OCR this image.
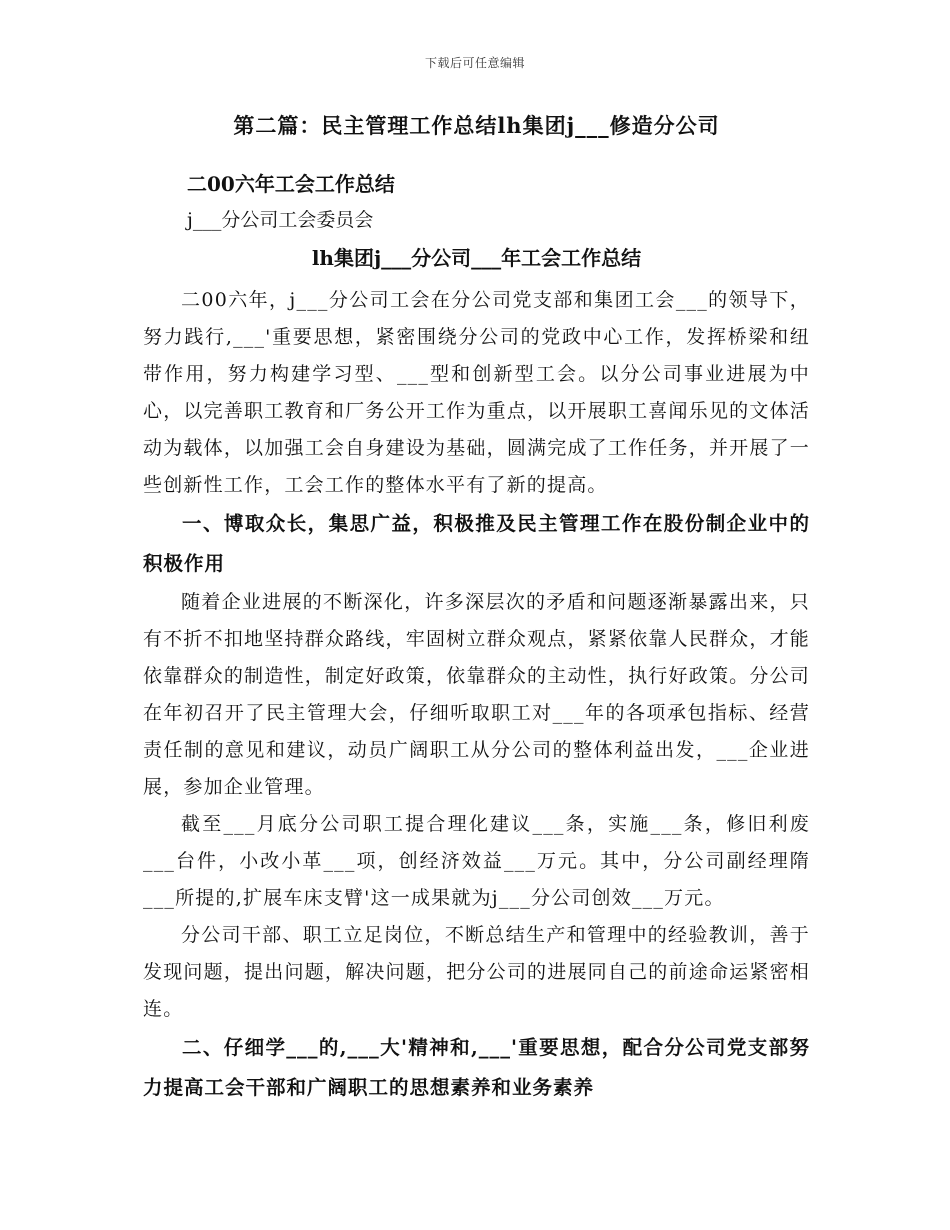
下载后可任意编辑
第二篇：民主管理工作总结lh集团j___修造分公司

二00六年工会工作总结

j___分公司工会委员会

lh集团j___分公司___年工会工作总结

二00六年，j___分公司工会在分公司党支部和集团工会___的领导下，努力践行,___'重要思想，紧密围绕分公司的党政中心工作，发挥桥梁和纽带作用，努力构建学习型、___型和创新型工会。以分公司事业进展为中心，以完善职工教育和厂务公开工作为重点，以开展职工喜闻乐见的文体活动为载体，以加强工会自身建设为基础，圆满完成了工作任务，并开展了一些创新性工作，工会工作的整体水平有了新的提高。

一、博取众长，集思广益，积极推及民主管理工作在股份制企业中的积极作用

随着企业进展的不断深化，许多深层次的矛盾和问题逐渐暴露出来，只有不折不扣地坚持群众路线，牢固树立群众观点，紧紧依靠人民群众，才能依靠群众的制造性，制定好政策，依靠群众的主动性，执行好政策。分公司在年初召开了民主管理大会，仔细听取职工对___年的各项承包指标、经营责任制的意见和建议，动员广阔职工从分公司的整体利益出发，___企业进展，参加企业管理。

截至___月底分公司职工提合理化建议___条，实施___条，修旧利废___台件，小改小革___项，创经济效益___万元。其中，分公司副经理隋___所提的,扩展车床支臂'这一成果就为j___分公司创效___万元。

分公司干部、职工立足岗位，不断总结生产和管理中的经验教训，善于发现问题，提出问题，解决问题，把分公司的进展同自己的前途命运紧密相连。

二、仔细学___的,___大'精神和,___'重要思想，配合分公司党支部努力提高工会干部和广阔职工的思想素养和业务素养
